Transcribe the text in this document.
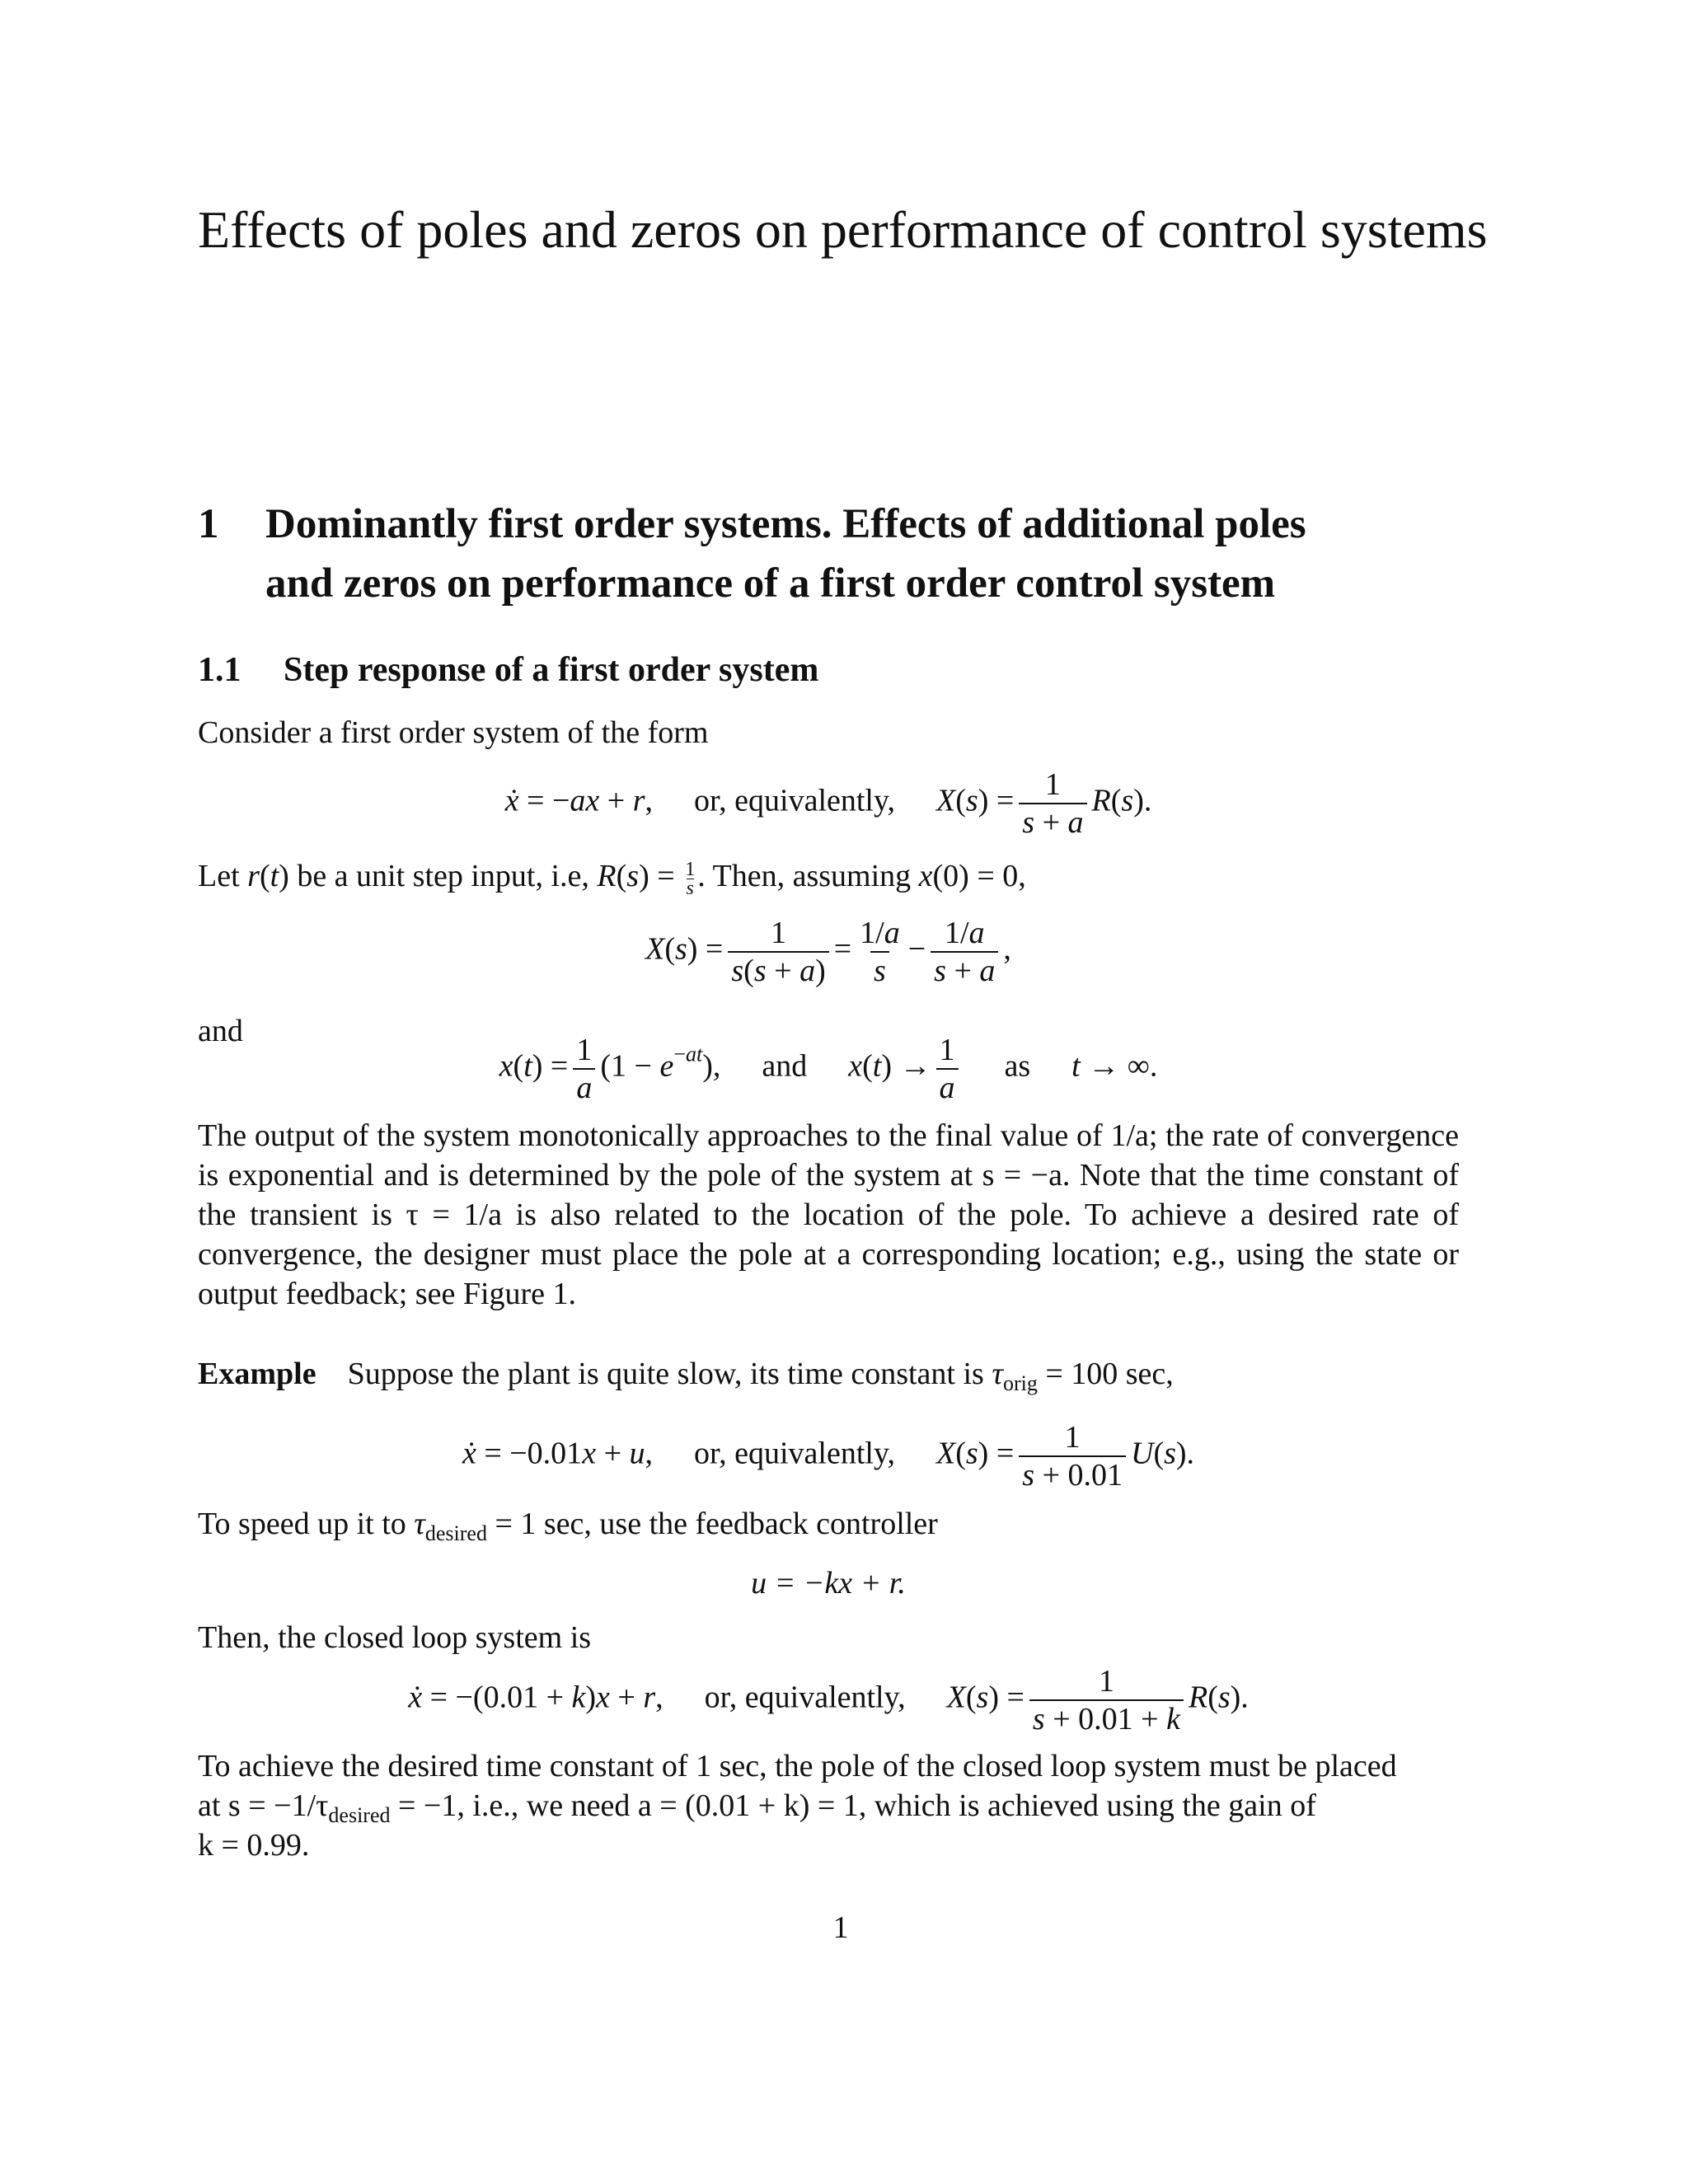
Effects of poles and zeros on performance of control systems
1 Dominantly first order systems. Effects of additional poles
and zeros on performance of a first order control system
1.1 Step response of a first order system
Consider a first order system of the form
ẋ = −ax + r, or, equivalently, $X(s) = \frac{1}{s + a} R(s)$.
Let r(t) be a unit step input, i.e, $R(s) = \frac{1}{s}$ . Then, assuming x(0) = 0,
$X(s) = \frac{1}{s(s + a)} = \frac{1/a}{s} - \frac{1/a}{s + a}$ ,
and
$x(t) = \frac{1}{a} (1 - e^{-at})$, and $x(t) \to \frac{1}{a}$ as t → ∞.
The output of the system monotonically approaches to the final value of 1/a; the rate of convergence is exponential and is determined by the pole of the system at s = −a. Note that the time constant of the transient is τ = 1/a is also related to the location of the pole. To achieve a desired rate of convergence, the designer must place the pole at a corresponding location; e.g., using the state or output feedback; see Figure 1.
Example Suppose the plant is quite slow, its time constant is $\tau_{orig} = 100$ sec,
ẋ = −0.01x + u, or, equivalently, $X(s) = \frac{1}{s + 0.01} U(s)$.
To speed up it to $\tau_{desired} = 1$ sec, use the feedback controller
u = −kx + r.
Then, the closed loop system is
ẋ = −(0.01 + k)x + r, or, equivalently, $X(s) = \frac{1}{s + 0.01 + k} R(s)$.
To achieve the desired time constant of 1 sec, the pole of the closed loop system must be placed
at $s = -1/\tau_{desired} = -1$, i.e., we need a = (0.01 + k) = 1, which is achieved using the gain of
k = 0.99.
1
